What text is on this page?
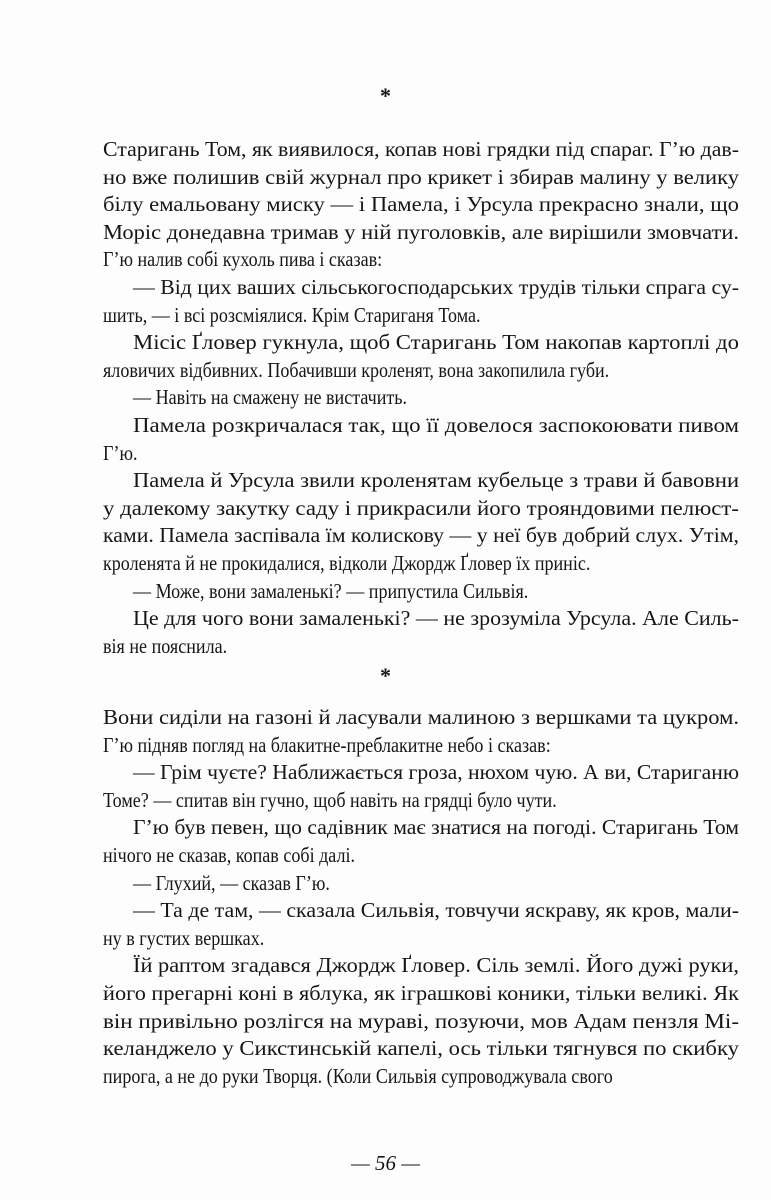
*
Старигань Том, як виявилося, копав нові грядки під спараг. Г’ю дав-
но вже полишив свій журнал про крикет і збирав малину у велику
білу емальовану миску — і Памела, і Урсула прекрасно знали, що
Моріс донедавна тримав у ній пуголовків, але вирішили змовчати.
Г’ю налив собі кухоль пива і сказав:
— Від цих ваших сільськогосподарських трудів тільки спрага су-
шить, — і всі розсміялися. Крім Стариганя Тома.
Місіс Ґловер гукнула, щоб Старигань Том накопав картоплі до
яловичих відбивних. Побачивши кроленят, вона закопилила губи.
— Навіть на смажену не вистачить.
Памела розкричалася так, що її довелося заспокоювати пивом
Г’ю.
Памела й Урсула звили кроленятам кубельце з трави й бавовни
у далекому закутку саду і прикрасили його трояндовими пелюст-
ками. Памела заспівала їм колискову — у неї був добрий слух. Утім,
кроленята й не прокидалися, відколи Джордж Ґловер їх приніс.
— Може, вони замаленькі? — припустила Сильвія.
Це для чого вони замаленькі? — не зрозуміла Урсула. Але Силь-
вія не пояснила.
*
Вони сиділи на газоні й ласували малиною з вершками та цукром.
Г’ю підняв погляд на блакитне-преблакитне небо і сказав:
— Грім чуєте? Наближається гроза, нюхом чую. А ви, Стариганю
Томе? — спитав він гучно, щоб навіть на грядці було чути.
Г’ю був певен, що садівник має знатися на погоді. Старигань Том
нічого не сказав, копав собі далі.
— Глухий, — сказав Г’ю.
— Та де там, — сказала Сильвія, товчучи яскраву, як кров, мали-
ну в густих вершках.
Їй раптом згадався Джордж Ґловер. Сіль землі. Його дужі руки,
його прегарні коні в яблука, як іграшкові коники, тільки великі. Як
він привільно розлігся на мураві, позуючи, мов Адам пензля Мі-
келанджело у Сикстинській капелі, ось тільки тягнувся по скибку
пирога, а не до руки Творця. (Коли Сильвія супроводжувала свого
— 56 —
